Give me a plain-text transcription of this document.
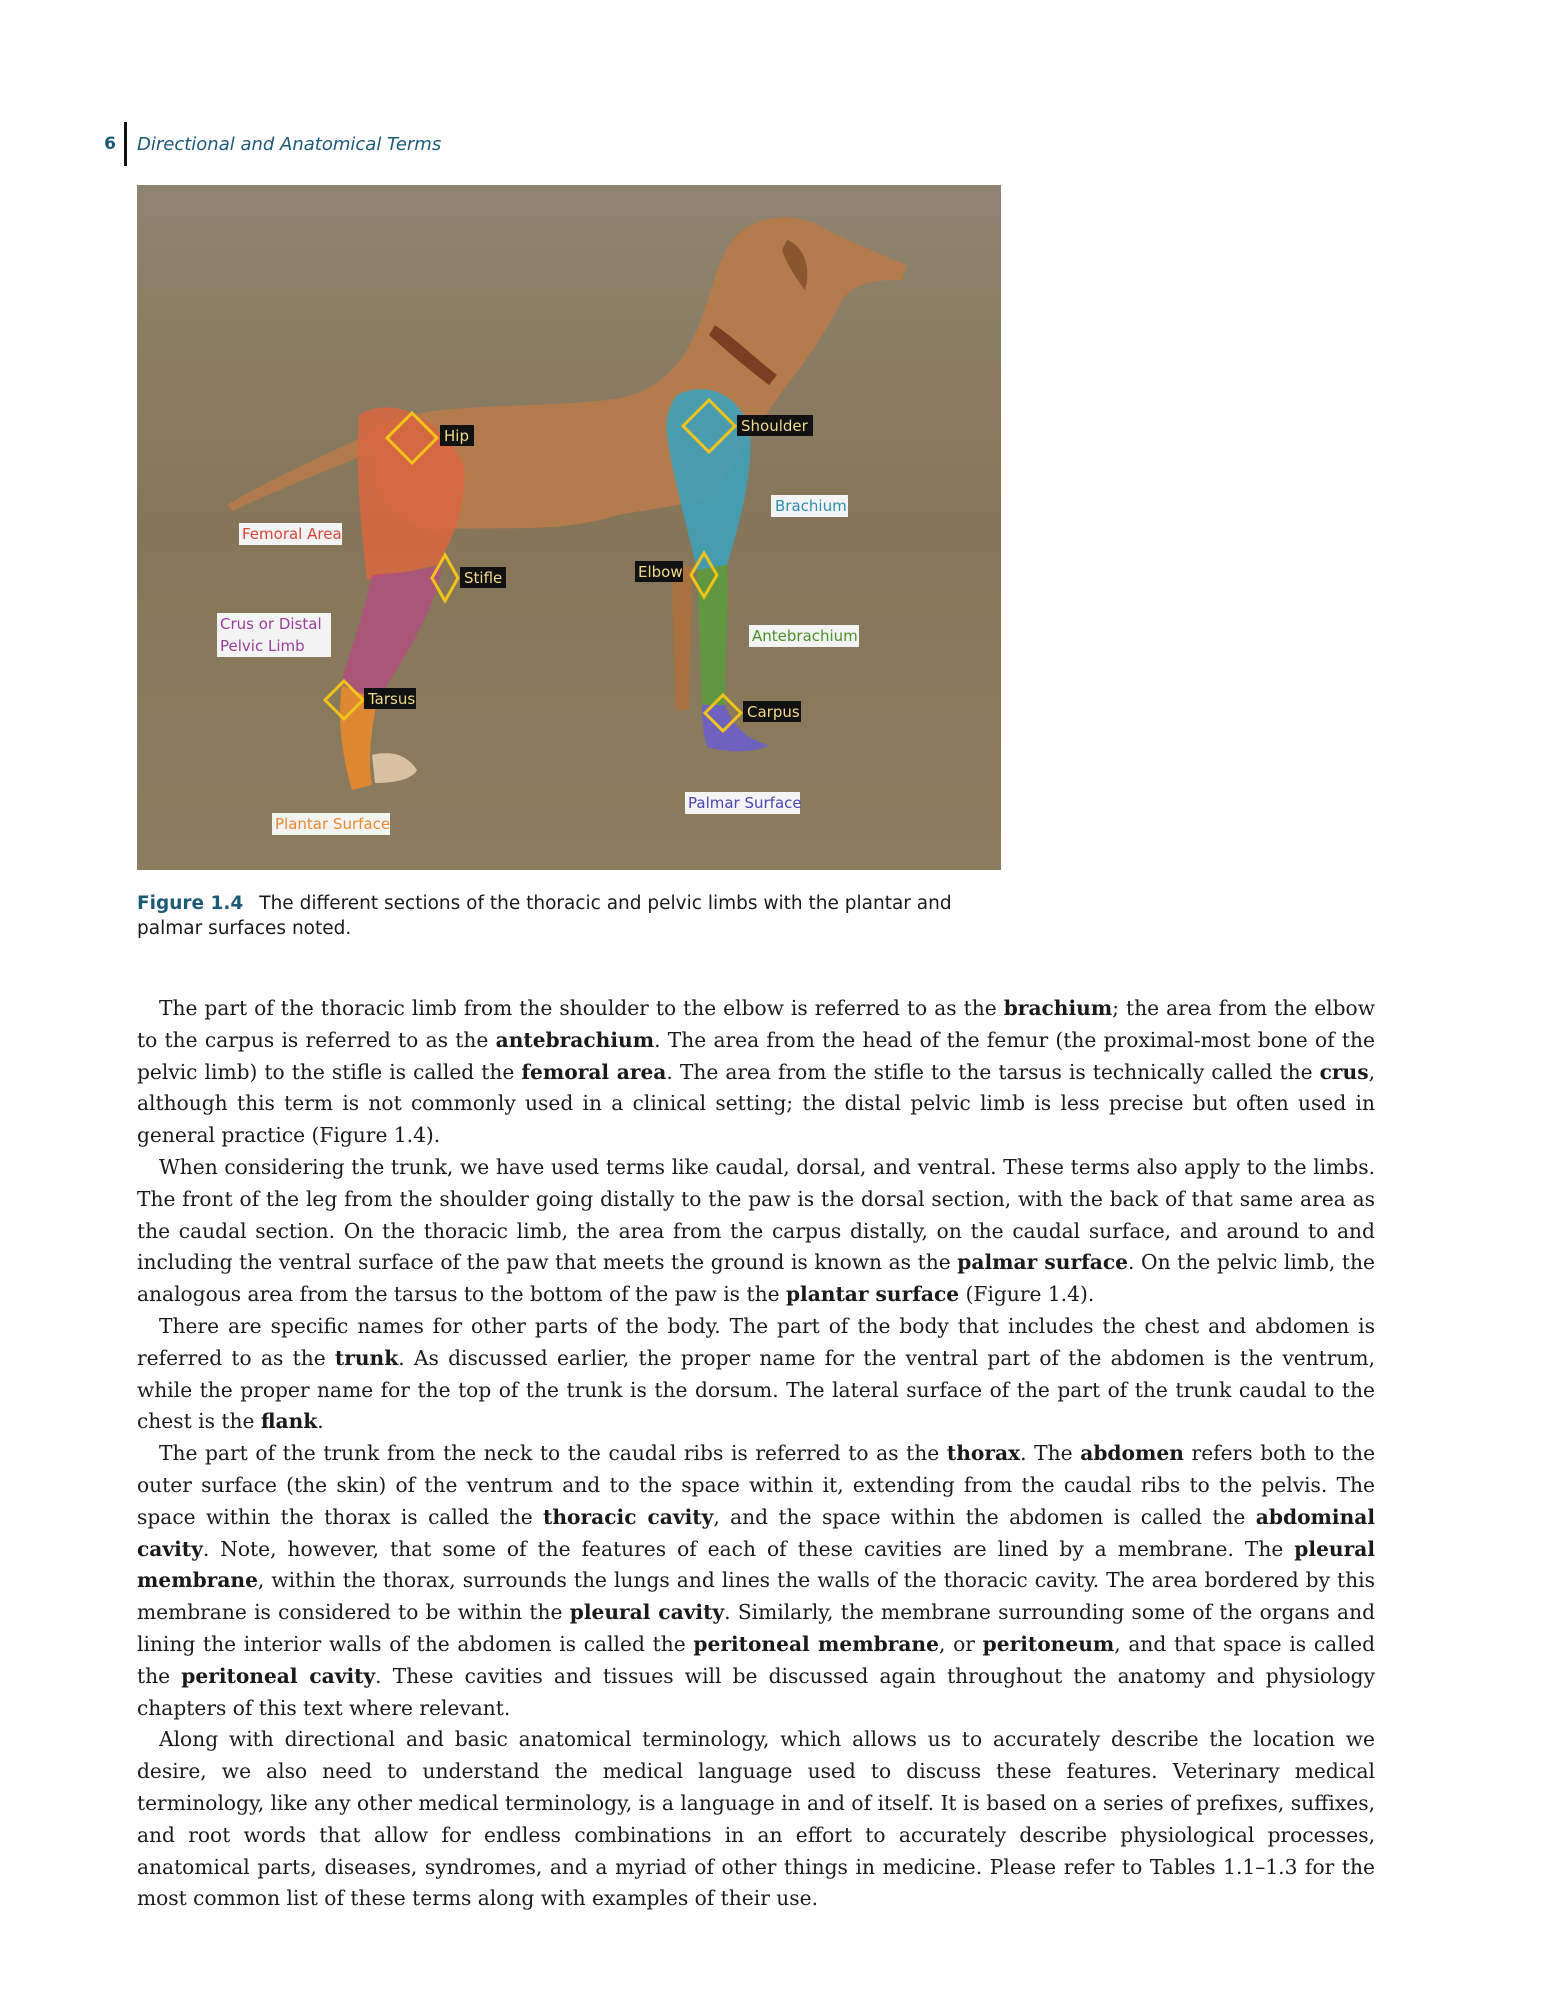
6 Directional and Anatomical Terms
Hip
Shoulder
Brachium
Femoral Area
Stifle	Elbow
Crus or Distal
Pelvic Limb
Antebrachium
Tarsus
Carpus
Palmar Surface
Plantar Surface
Figure 1.4 The different sections of the thoracic and pelvic limbs with the plantar and palmar surfaces noted.

The part of the thoracic limb from the shoulder to the elbow is referred to as the brachium; the area from the elbow to the carpus is referred to as the antebrachium. The area from the head of the femur (the proximal-most bone of the pelvic limb) to the stifle is called the femoral area. The area from the stifle to the tarsus is technically called the crus, although this term is not commonly used in a clinical setting; the distal pelvic limb is less precise but often used in general practice (Figure 1.4).

When considering the trunk, we have used terms like caudal, dorsal, and ventral. These terms also apply to the limbs. The front of the leg from the shoulder going distally to the paw is the dorsal section, with the back of that same area as the caudal section. On the thoracic limb, the area from the carpus distally, on the caudal surface, and around to and including the ventral surface of the paw that meets the ground is known as the palmar surface. On the pelvic limb, the analogous area from the tarsus to the bottom of the paw is the plantar surface (Figure 1.4).

There are specific names for other parts of the body. The part of the body that includes the chest and abdomen is referred to as the trunk. As discussed earlier, the proper name for the ventral part of the abdomen is the ventrum, while the proper name for the top of the trunk is the dorsum. The lateral surface of the part of the trunk caudal to the chest is the flank.

The part of the trunk from the neck to the caudal ribs is referred to as the thorax. The abdomen refers both to the outer surface (the skin) of the ventrum and to the space within it, extending from the caudal ribs to the pelvis. The space within the thorax is called the thoracic cavity, and the space within the abdomen is called the abdominal cavity. Note, however, that some of the features of each of these cavities are lined by a membrane. The pleural membrane, within the thorax, surrounds the lungs and lines the walls of the thoracic cavity. The area bordered by this membrane is considered to be within the pleural cavity. Similarly, the membrane surrounding some of the organs and lining the interior walls of the abdomen is called the peritoneal membrane, or peritoneum, and that space is called the peritoneal cavity. These cavities and tissues will be discussed again throughout the anatomy and physiology chapters of this text where relevant.

Along with directional and basic anatomical terminology, which allows us to accurately describe the location we desire, we also need to understand the medical language used to discuss these features. Veterinary medical terminology, like any other medical terminology, is a language in and of itself. It is based on a series of prefixes, suffixes, and root words that allow for endless combinations in an effort to accurately describe physiological processes, anatomical parts, diseases, syndromes, and a myriad of other things in medicine. Please refer to Tables 1.1–1.3 for the most common list of these terms along with examples of their use.
